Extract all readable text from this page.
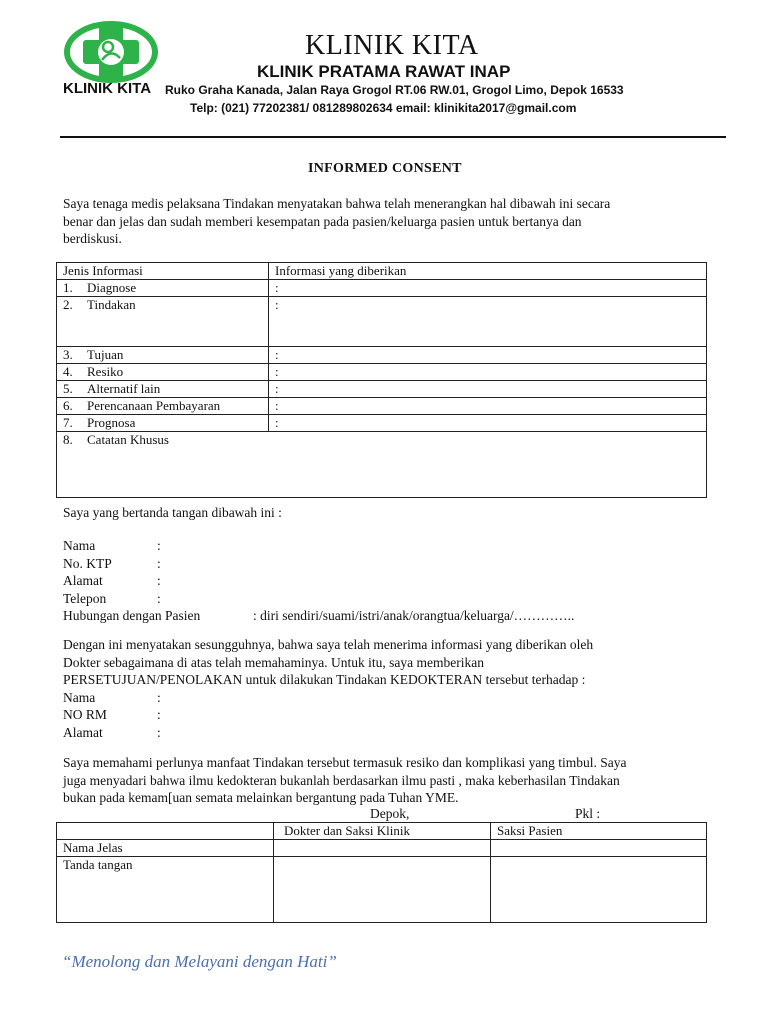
KLINIK KITA
KLINIK KITA
KLINIK PRATAMA RAWAT INAP
Ruko Graha Kanada, Jalan Raya Grogol RT.06 RW.01, Grogol Limo, Depok 16533
Telp: (021) 77202381/ 081289802634 email: klinikita2017@gmail.com
INFORMED CONSENT
Saya tenaga medis pelaksana Tindakan menyatakan bahwa telah menerangkan hal dibawah ini secara
benar dan jelas dan sudah memberi kesempatan pada pasien/keluarga pasien untuk bertanya dan
berdiskusi.
Jenis Informasi	Informasi yang diberikan
1. Diagnose	:
2. Tindakan	:
3. Tujuan	:
4. Resiko	:
5. Alternatif lain	:
6. Perencanaan Pembayaran	:
7. Prognosa	:
8. Catatan Khusus	
Saya yang bertanda tangan dibawah ini :
Nama	:
No. KTP	:
Alamat	:
Telepon	:
Hubungan dengan Pasien	: diri sendiri/suami/istri/anak/orangtua/keluarga/…………..
Dengan ini menyatakan sesungguhnya, bahwa saya telah menerima informasi yang diberikan oleh
Dokter sebagaimana di atas telah memahaminya. Untuk itu, saya memberikan
PERSETUJUAN/PENOLAKAN untuk dilakukan Tindakan KEDOKTERAN tersebut terhadap :
Nama	:
NO RM	:
Alamat	:
Saya memahami perlunya manfaat Tindakan tersebut termasuk resiko dan komplikasi yang timbul. Saya
juga menyadari bahwa ilmu kedokteran bukanlah berdasarkan ilmu pasti , maka keberhasilan Tindakan
bukan pada kemam[uan semata melainkan bergantung pada Tuhan YME.
Depok,	Pkl :
	Dokter dan Saksi Klinik	Saksi Pasien
Nama Jelas		
Tanda tangan		
“Menolong dan Melayani dengan Hati”
